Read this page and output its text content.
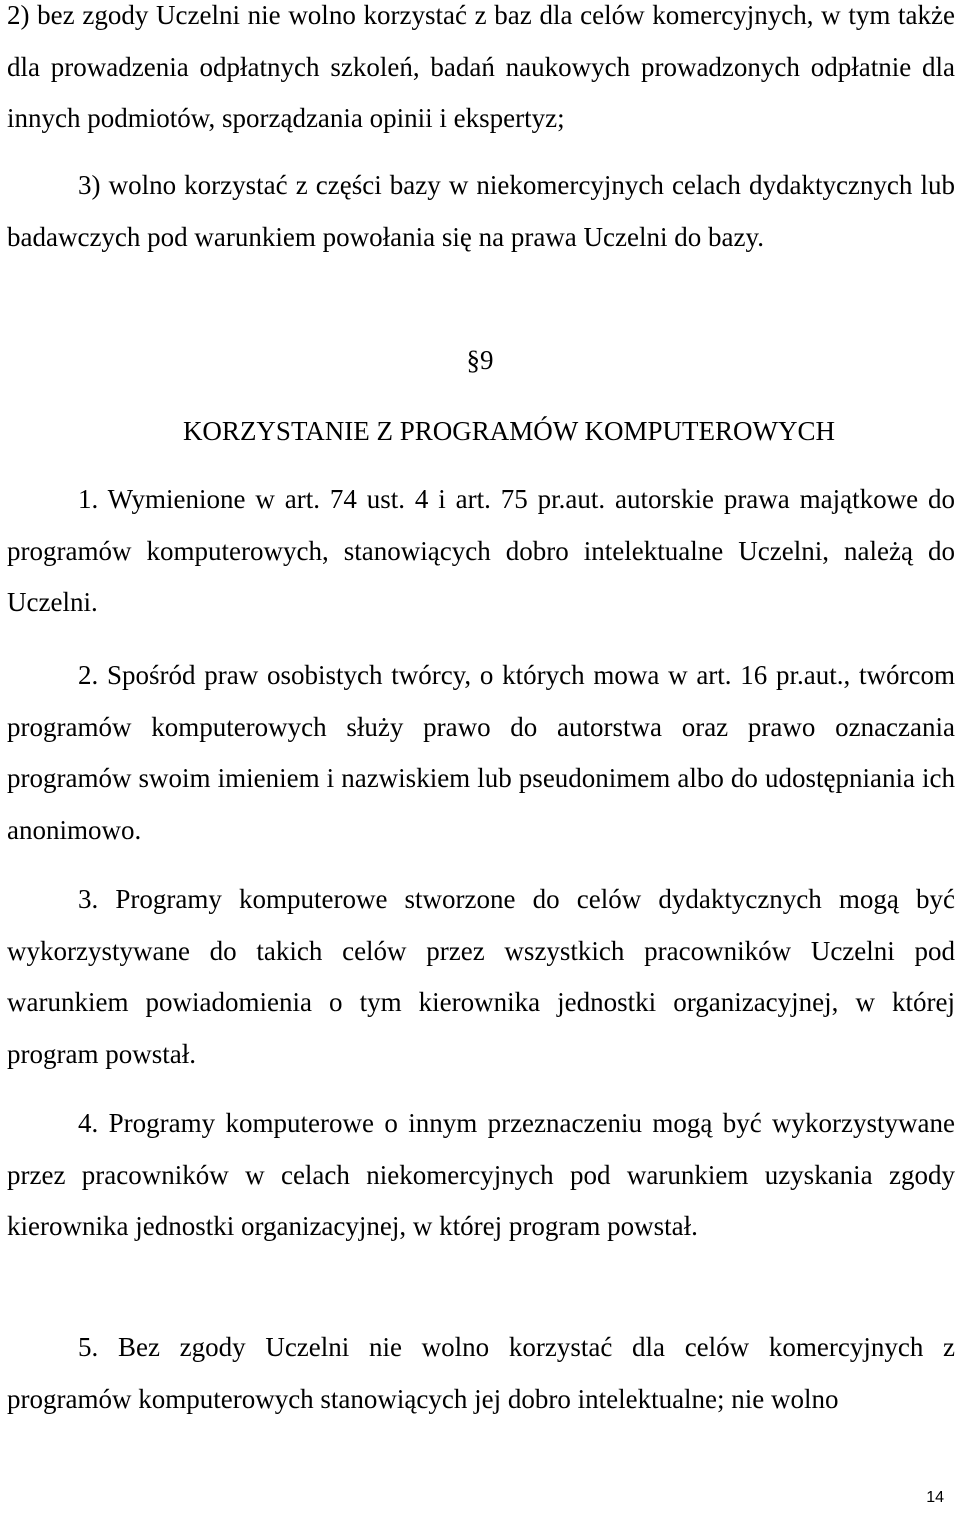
2) bez zgody Uczelni nie wolno korzystać z baz dla celów komercyjnych, w tym także dla prowadzenia odpłatnych szkoleń, badań naukowych prowadzonych odpłatnie dla innych podmiotów, sporządzania opinii i ekspertyz;

3) wolno korzystać z części bazy w niekomercyjnych celach dydaktycznych lub badawczych pod warunkiem powołania się na prawa Uczelni do bazy.

§9

KORZYSTANIE Z PROGRAMÓW KOMPUTEROWYCH

1. Wymienione w art. 74 ust. 4 i art. 75 pr.aut. autorskie prawa majątkowe do programów komputerowych, stanowiących dobro intelektualne Uczelni, należą do Uczelni.

2. Spośród praw osobistych twórcy, o których mowa w art. 16 pr.aut., twórcom programów komputerowych służy prawo do autorstwa oraz prawo oznaczania programów swoim imieniem i nazwiskiem lub pseudonimem albo do udostępniania ich anonimowo.

3. Programy komputerowe stworzone do celów dydaktycznych mogą być wykorzystywane do takich celów przez wszystkich pracowników Uczelni pod warunkiem powiadomienia o tym kierownika jednostki organizacyjnej, w której program powstał.

4. Programy komputerowe o innym przeznaczeniu mogą być wykorzystywane przez pracowników w celach niekomercyjnych pod warunkiem uzyskania zgody kierownika jednostki organizacyjnej, w której program powstał.

5. Bez zgody Uczelni nie wolno korzystać dla celów komercyjnych z programów komputerowych stanowiących jej dobro intelektualne; nie wolno

14
